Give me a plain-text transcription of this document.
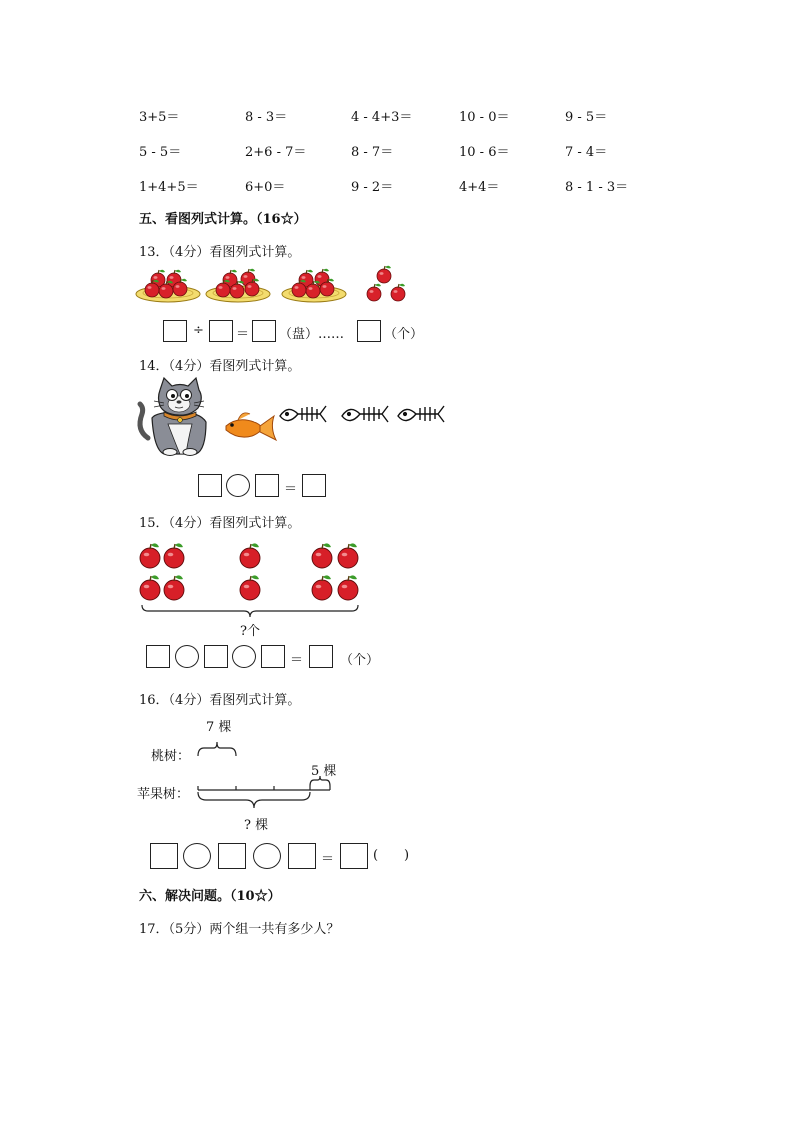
3+5＝	8 - 3＝	4 - 4+3＝	10 - 0＝	9 - 5＝
5 - 5＝	2+6 - 7＝	8 - 7＝	10 - 6＝	7 - 4＝
1+4+5＝	6+0＝	9 - 2＝	4+4＝	8 - 1 - 3＝
五、看图列式计算。（16☆）
13．（4分）看图列式计算。
÷ ＝ （盘）……	（个）
14．（4分）看图列式计算。
＝
15．（4分）看图列式计算。
?个
＝	（个）
16．（4分）看图列式计算。
7 棵
桃树：
5 棵
苹果树：
? 棵
＝	( )
六、解决问题。（10☆）
17．（5分）两个组一共有多少人？
